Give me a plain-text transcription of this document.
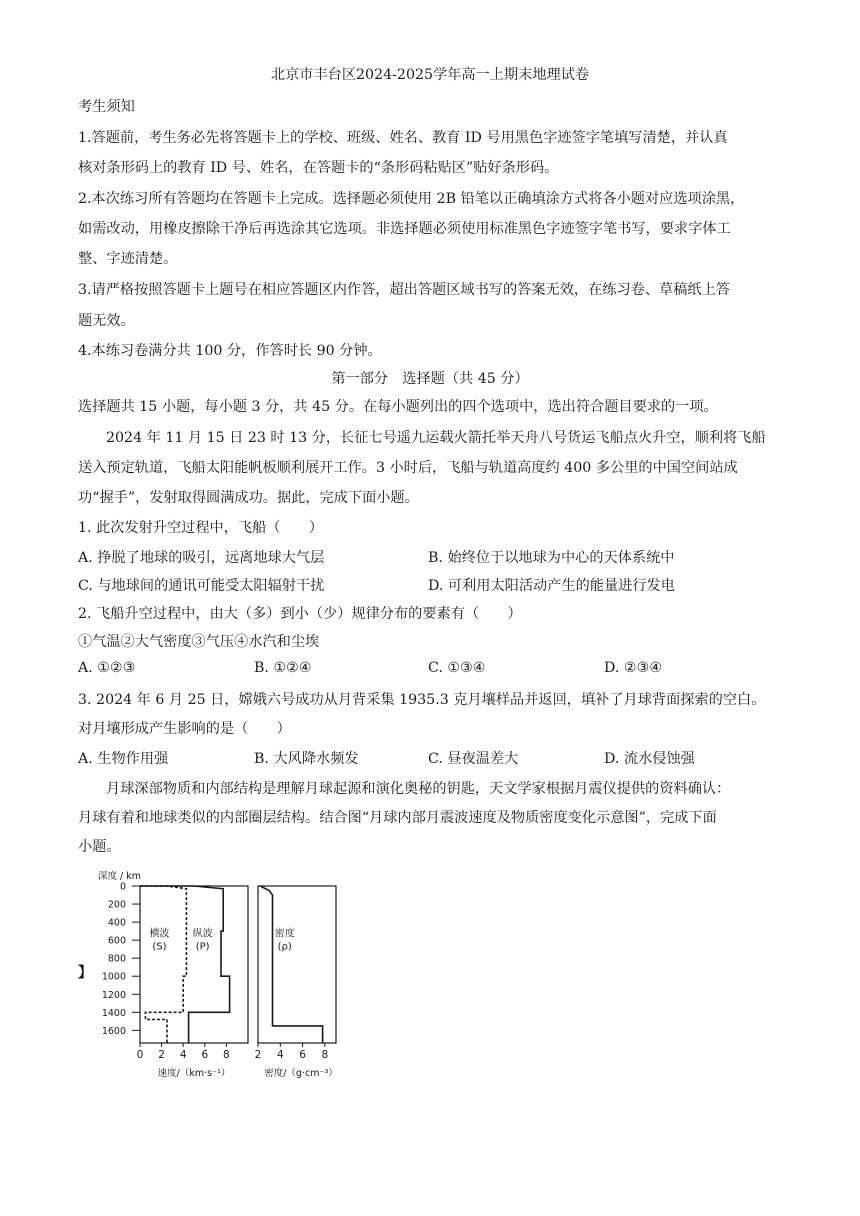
北京市丰台区2024-2025学年高一上期末地理试卷
考生须知
1.答题前，考生务必先将答题卡上的学校、班级、姓名、教育 ID 号用黑色字迹签字笔填写清楚，并认真
核对条形码上的教育 ID 号、姓名，在答题卡的“条形码粘贴区”贴好条形码。
2.本次练习所有答题均在答题卡上完成。选择题必须使用 2B 铅笔以正确填涂方式将各小题对应选项涂黑，
如需改动，用橡皮擦除干净后再选涂其它选项。非选择题必须使用标准黑色字迹签字笔书写，要求字体工
整、字迹清楚。
3.请严格按照答题卡上题号在相应答题区内作答，超出答题区域书写的答案无效，在练习卷、草稿纸上答
题无效。
4.本练习卷满分共 100 分，作答时长 90 分钟。
第一部分　选择题（共 45 分）
选择题共 15 小题，每小题 3 分，共 45 分。在每小题列出的四个选项中，选出符合题目要求的一项。
2024 年 11 月 15 日 23 时 13 分，长征七号遥九运载火箭托举天舟八号货运飞船点火升空，顺利将飞船
送入预定轨道，飞船太阳能帆板顺利展开工作。3 小时后，飞船与轨道高度约 400 多公里的中国空间站成
功“握手”，发射取得圆满成功。据此，完成下面小题。
1. 此次发射升空过程中，飞船（　　）
A. 挣脱了地球的吸引，远离地球大气层	B. 始终位于以地球为中心的天体系统中
C. 与地球间的通讯可能受太阳辐射干扰	D. 可利用太阳活动产生的能量进行发电
2. 飞船升空过程中，由大（多）到小（少）规律分布的要素有（　　）
①气温②大气密度③气压④水汽和尘埃
A. ①②③	B. ①②④	C. ①③④	D. ②③④
3. 2024 年 6 月 25 日，嫦娥六号成功从月背采集 1935.3 克月壤样品并返回，填补了月球背面探索的空白。
对月壤形成产生影响的是（　　）
A. 生物作用强	B. 大风降水频发	C. 昼夜温差大	D. 流水侵蚀强
月球深部物质和内部结构是理解月球起源和演化奥秘的钥匙，天文学家根据月震仪提供的资料确认：
月球有着和地球类似的内部圈层结构。结合图“月球内部月震波速度及物质密度变化示意图”，完成下面
小题。
】
深度 / km
0
200
400
600
800
1000
1200
1400
1600
0 2 4 6 8
速度/（km·s⁻¹）
横波
(S)
纵波
(P)
2 4 6 8
密度/（g·cm⁻³）
密度
(ρ)
